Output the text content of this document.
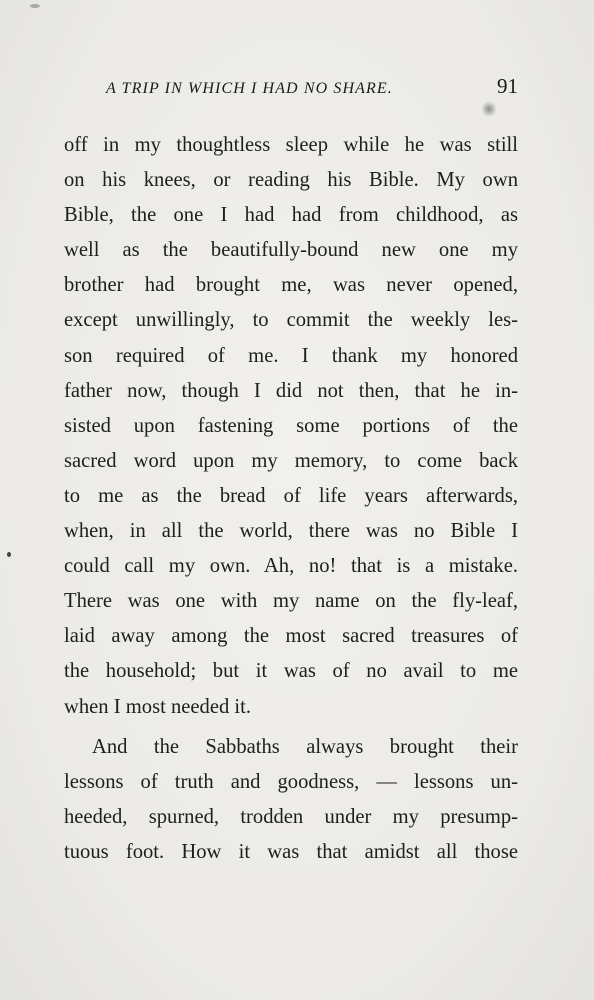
A TRIP IN WHICH I HAD NO SHARE.	91
off in my thoughtless sleep while he was still
on his knees, or reading his Bible. My own
Bible, the one I had had from childhood, as
well as the beautifully-bound new one my
brother had brought me, was never opened,
except unwillingly, to commit the weekly les-
son required of me. I thank my honored
father now, though I did not then, that he in-
sisted upon fastening some portions of the
sacred word upon my memory, to come back
to me as the bread of life years afterwards,
when, in all the world, there was no Bible I
could call my own. Ah, no! that is a mistake.
There was one with my name on the fly-leaf,
laid away among the most sacred treasures of
the household; but it was of no avail to me
when I most needed it.
And the Sabbaths always brought their
lessons of truth and goodness, — lessons un-
heeded, spurned, trodden under my presump-
tuous foot. How it was that amidst all those
